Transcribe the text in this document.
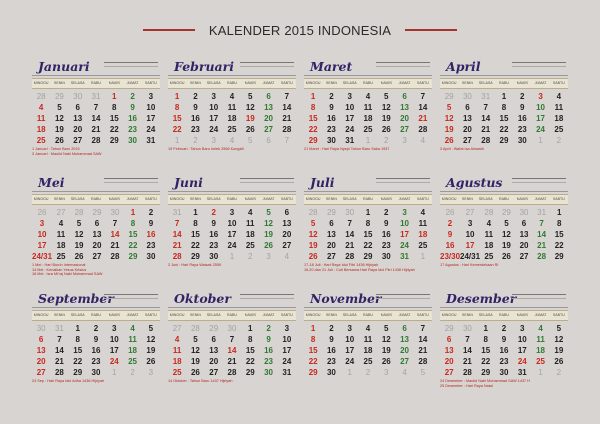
KALENDER 2015 INDONESIA
Januari
MINGGU	SENIN	SELASA	RABU	KAMIS	JUMAT	SABTU
28	29	30	31	1	2	3
4	5	6	7	8	9	10
11	12	13	14	15	16	17
18	19	20	21	22	23	24
25	26	27	28	29	30	31
1 Januari : Tahun Baru 2015
3 Januari : Maulid Nabi Muhammad SAW
Februari
MINGGU	SENIN	SELASA	RABU	KAMIS	JUMAT	SABTU
1	2	3	4	5	6	7
8	9	10	11	12	13	14
15	16	17	18	19	20	21
22	23	24	25	26	27	28
1	2	3	4	5	6	7
19 Februari : Tahun Baru Imlek 2566 Kongzili
Maret
MINGGU	SENIN	SELASA	RABU	KAMIS	JUMAT	SABTU
1	2	3	4	5	6	7
8	9	10	11	12	13	14
15	16	17	18	19	20	21
22	23	24	25	26	27	28
29	30	31	1	2	3	4
21 Maret : Hari Raya Nyepi Tahun Baru Saka 1937
April
MINGGU	SENIN	SELASA	RABU	KAMIS	JUMAT	SABTU
29	30	31	1	2	3	4
5	6	7	8	9	10	11
12	13	14	15	16	17	18
19	20	21	22	23	24	25
26	27	28	29	30	1	2
3 April : Wafat Isa Almasih
Mei
MINGGU	SENIN	SELASA	RABU	KAMIS	JUMAT	SABTU
26	27	28	29	30	1	2
3	4	5	6	7	8	9
10	11	12	13	14	15	16
17	18	19	20	21	22	23
24/31 25	26	27	28	29	30
1 Mei : Hari Buruh Internasional
14 Mei : Kenaikan Yesus Kristus
16 Mei : Isra Mi'raj Nabi Muhammad SAW
Juni
MINGGU	SENIN	SELASA	RABU	KAMIS	JUMAT	SABTU
31	1	2	3	4	5	6
7	8	9	10	11	12	13
14	15	16	17	18	19	20
21	22	23	24	25	26	27
28	29	30	1	2	3	4
2 Juni : Hari Raya Waisak 2559
Juli
MINGGU	SENIN	SELASA	RABU	KAMIS	JUMAT	SABTU
28	29	30	1	2	3	4
5	6	7	8	9	10	11
12	13	14	15	16	17	18
19	20	21	22	23	24	25
26	27	28	29	30	31	1
17-18 Juli : Hari Raya Idul Fitri 1436 Hijriyah
16,20 dan 21 Juli : Cuti Bersama Hari Raya Idul Fitri 1436 Hijriyah
Agustus
MINGGU	SENIN	SELASA	RABU	KAMIS	JUMAT	SABTU
26	27	28	29	30	31	1
2	3	4	5	6	7	8
9	10	11	12	13	14	15
16	17	18	19	20	21	22
23/30 24/31 25	26	27	28	29
17 Agustus : Hari Kemerdekaan RI
September
MINGGU	SENIN	SELASA	RABU	KAMIS	JUMAT	SABTU
30	31	1	2	3	4	5
6	7	8	9	10	11	12
13	14	15	16	17	18	19
20	21	22	23	24	25	26
27	28	29	30	1	2	3
24 Sep : Hari Raya Idul Adha 1436 Hijriyah
Oktober
MINGGU	SENIN	SELASA	RABU	KAMIS	JUMAT	SABTU
27	28	29	30	1	2	3
4	5	6	7	8	9	10
11	12	13	14	15	16	17
18	19	20	21	22	23	24
25	26	27	28	29	30	31
14 Oktober : Tahun Baru 1437 Hijriyah
November
MINGGU	SENIN	SELASA	RABU	KAMIS	JUMAT	SABTU
1	2	3	4	5	6	7
8	9	10	11	12	13	14
15	16	17	18	19	20	21
22	23	24	25	26	27	28
29	30	1	2	3	4	5
Desember
MINGGU	SENIN	SELASA	RABU	KAMIS	JUMAT	SABTU
29	30	1	2	3	4	5
6	7	8	9	10	11	12
13	14	15	16	17	18	19
20	21	22	23	24	25	26
27	28	29	30	31	1	2
24 Desember : Maulid Nabi Muhammad SAW 1437 H
25 Desember : Hari Raya Natal
